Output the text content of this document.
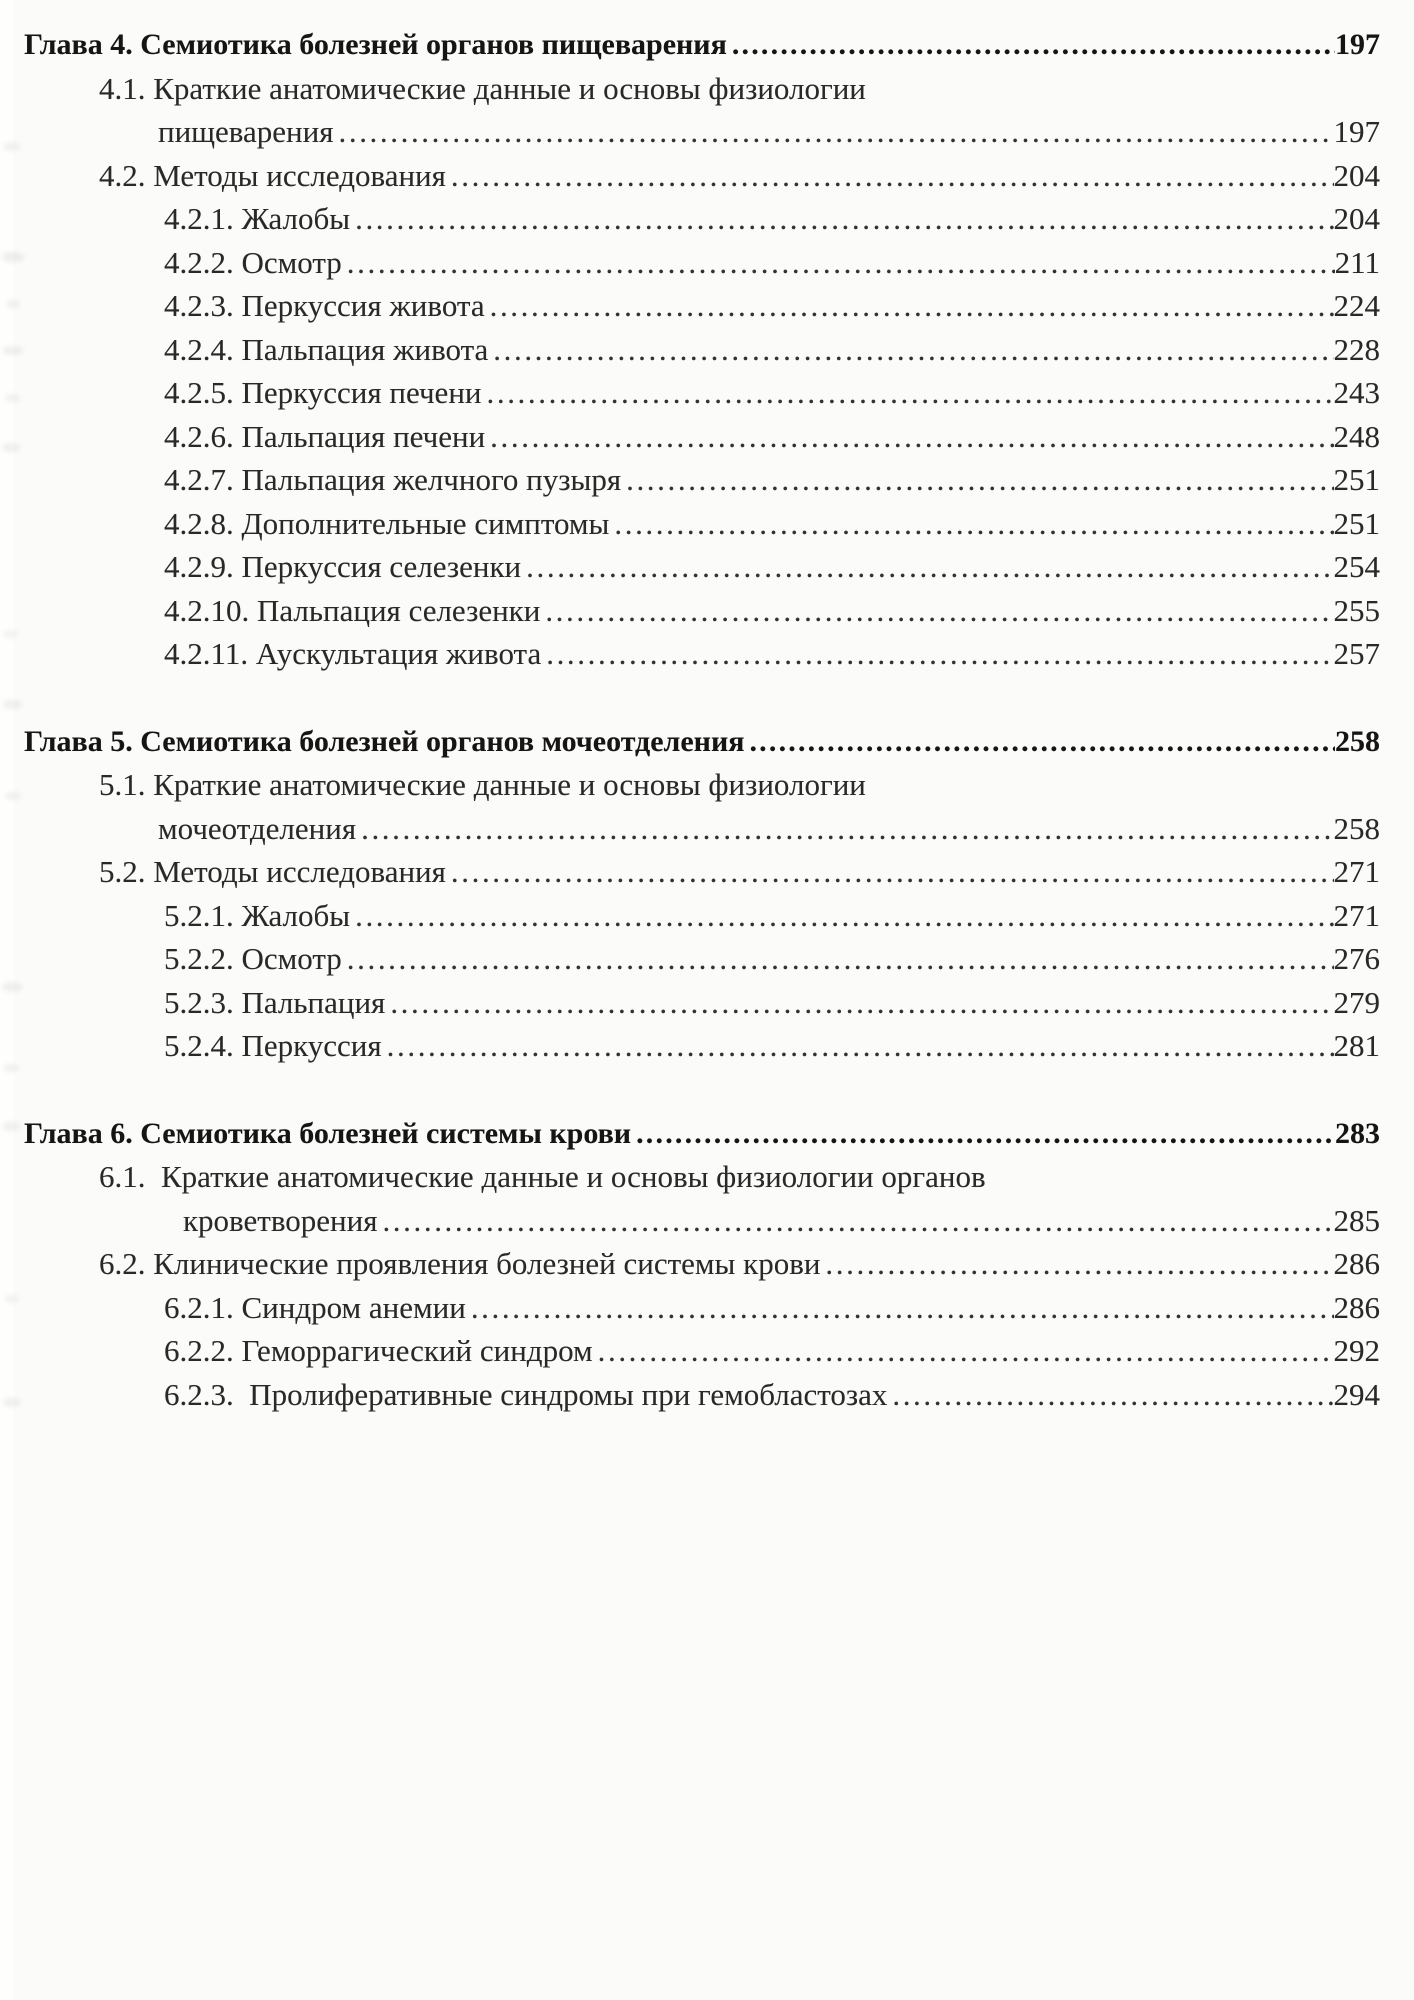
Глава 4. Семиотика болезней органов пищеварения .....	197
4.1. Краткие анатомические данные и основы физиологии
пищеварения .....	197
4.2. Методы исследования .....	204
4.2.1. Жалобы .....	204
4.2.2. Осмотр .....	211
4.2.3. Перкуссия живота .....	224
4.2.4. Пальпация живота .....	228
4.2.5. Перкуссия печени .....	243
4.2.6. Пальпация печени .....	248
4.2.7. Пальпация желчного пузыря .....	251
4.2.8. Дополнительные симптомы .....	251
4.2.9. Перкуссия селезенки .....	254
4.2.10. Пальпация селезенки .....	255
4.2.11. Аускультация живота .....	257
Глава 5. Семиотика болезней органов мочеотделения .....	258
5.1. Краткие анатомические данные и основы физиологии
мочеотделения .....	258
5.2. Методы исследования .....	271
5.2.1. Жалобы .....	271
5.2.2. Осмотр .....	276
5.2.3. Пальпация .....	279
5.2.4. Перкуссия .....	281
Глава 6. Семиотика болезней системы крови .....	283
6.1.  Краткие анатомические данные и основы физиологии органов
кроветворения .....	285
6.2. Клинические проявления болезней системы крови .....	286
6.2.1. Синдром анемии .....	286
6.2.2. Геморрагический синдром .....	292
6.2.3.  Пролиферативные синдромы при гемобластозах .....	294
